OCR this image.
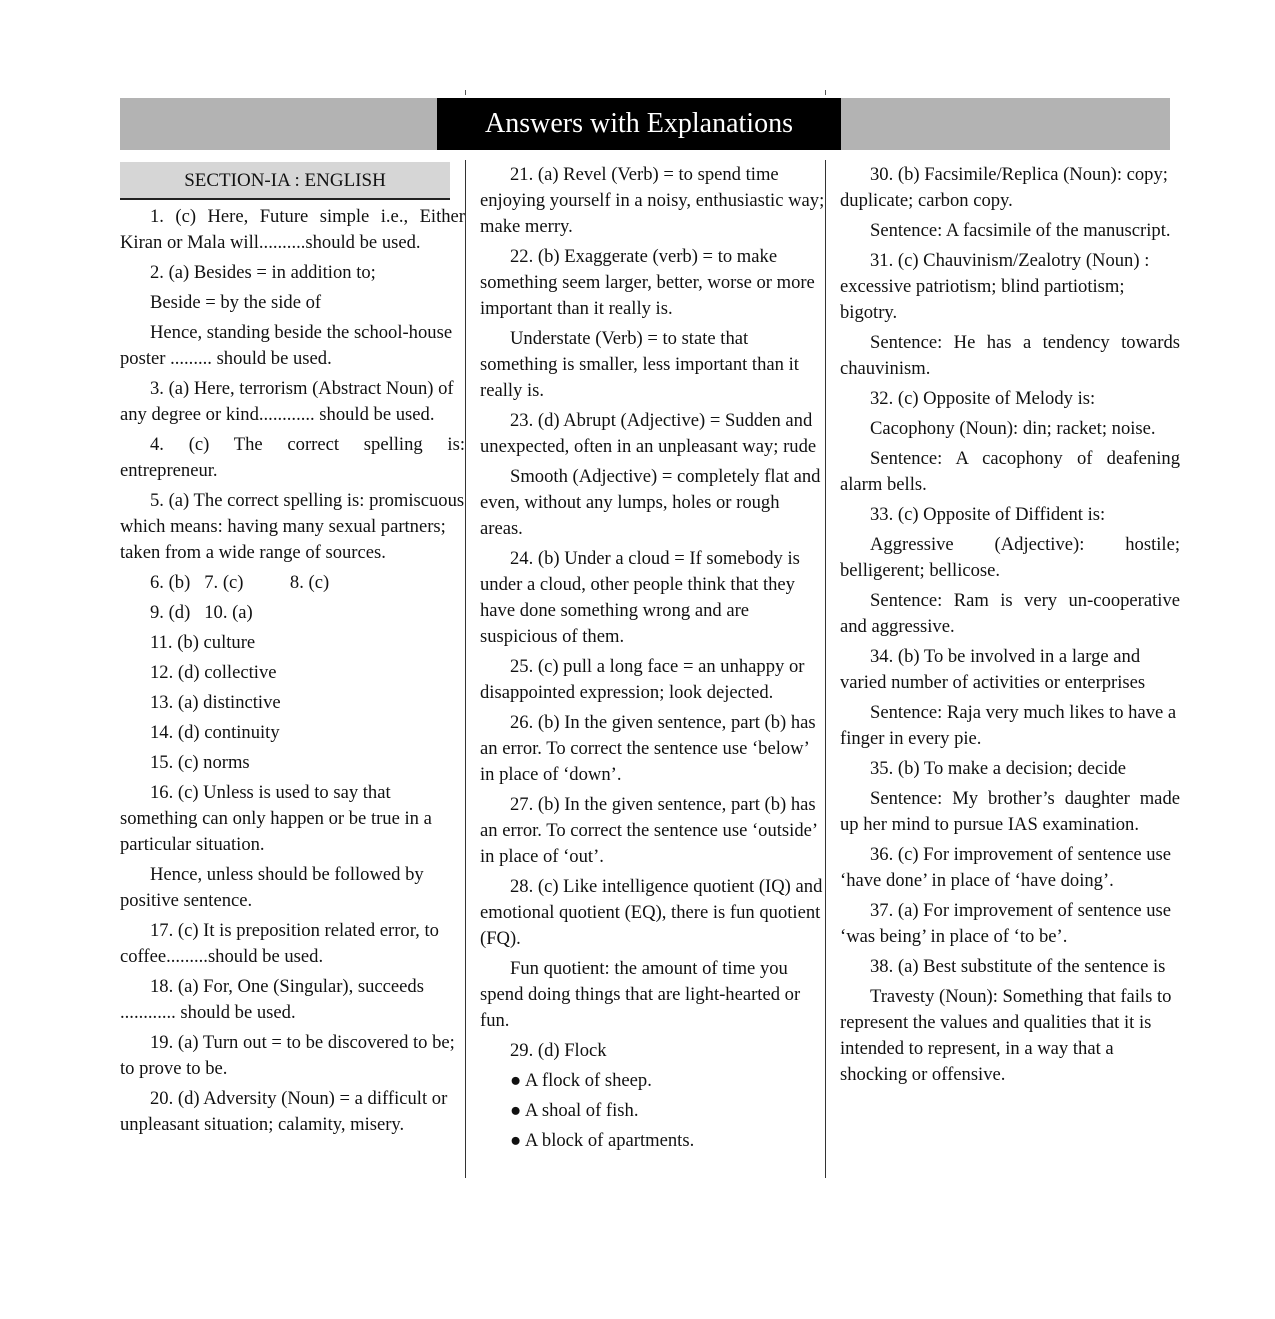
Answers with Explanations
SECTION-IA : ENGLISH

1. (c) Here, Future simple i.e., Either Kiran or Mala will..........should be used.

2. (a) Besides = in addition to;

Beside = by the side of

Hence, standing beside the school-house poster ......... should be used.

3. (a) Here, terrorism (Abstract Noun) of any degree or kind............ should be used.

4. (c) The correct spelling is: entrepreneur.

5. (a) The correct spelling is: promiscuous which means: having many sexual partners; taken from a wide range of sources.

6. (b)   7. (c)          8. (c)

9. (d)   10. (a)

11. (b) culture

12. (d) collective

13. (a) distinctive

14. (d) continuity

15. (c) norms

16. (c) Unless is used to say that something can only happen or be true in a particular situation.

Hence, unless should be followed by positive sentence.

17. (c) It is preposition related error, to coffee.........should be used.

18. (a) For, One (Singular), succeeds ............ should be used.

19. (a) Turn out = to be discovered to be; to prove to be.

20. (d) Adversity (Noun) = a difficult or unpleasant situation; calamity, misery.

21. (a) Revel (Verb) = to spend time enjoying yourself in a noisy, enthusiastic way; make merry.

22. (b) Exaggerate (verb) = to make something seem larger, better, worse or more important than it really is.

Understate (Verb) = to state that something is smaller, less important than it really is.

23. (d) Abrupt (Adjective) = Sudden and unexpected, often in an unpleasant way; rude

Smooth (Adjective) = completely flat and even, without any lumps, holes or rough areas.

24. (b) Under a cloud = If somebody is under a cloud, other people think that they have done something wrong and are suspicious of them.

25. (c) pull a long face = an unhappy or disappointed expression; look dejected.

26. (b) In the given sentence, part (b) has an error. To correct the sentence use ‘below’ in place of ‘down’.

27. (b) In the given sentence, part (b) has an error. To correct the sentence use ‘outside’ in place of ‘out’.

28. (c) Like intelligence quotient (IQ) and emotional quotient (EQ), there is fun quotient (FQ).

Fun quotient: the amount of time you spend doing things that are light-hearted or fun.

29. (d) Flock

● A flock of sheep.

● A shoal of fish.

● A block of apartments.

30. (b) Facsimile/Replica (Noun): copy; duplicate; carbon copy.

Sentence: A facsimile of the manuscript.

31. (c) Chauvinism/Zealotry (Noun) : excessive patriotism; blind partiotism; bigotry.

Sentence: He has a tendency towards chauvinism.

32. (c) Opposite of Melody is:

Cacophony (Noun): din; racket; noise.

Sentence: A cacophony of deafening alarm bells.

33. (c) Opposite of Diffident is:

Aggressive (Adjective): hostile; belligerent; bellicose.

Sentence: Ram is very un-cooperative and aggressive.

34. (b) To be involved in a large and varied number of activities or enterprises

Sentence: Raja very much likes to have a finger in every pie.

35. (b) To make a decision; decide

Sentence: My brother’s daughter made up her mind to pursue IAS examination.

36. (c) For improvement of sentence use ‘have done’ in place of ‘have doing’.

37. (a) For improvement of sentence use ‘was being’ in place of ‘to be’.

38. (a) Best substitute of the sentence is

Travesty (Noun): Something that fails to represent the values and qualities that it is intended to represent, in a way that a shocking or offensive.
